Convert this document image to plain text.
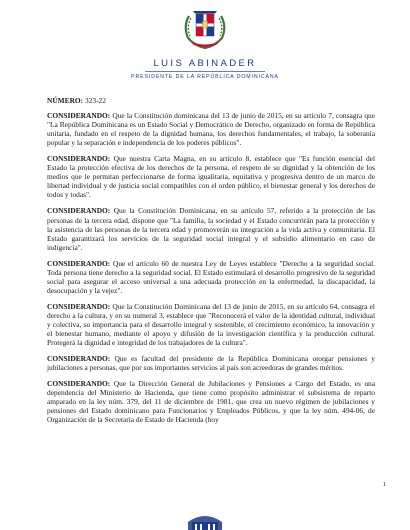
LUIS ABINADER
PRESIDENTE DE LA REPÚBLICA DOMINICANA

NÚMERO: 323-22

CONSIDERANDO: Que la Constitución dominicana del 13 de junio de 2015, en su artículo 7, consagra que "La República Dominicana es un Estado Social y Democrático de Derecho, organizado en forma de República unitaria, fundado en el respeto de la dignidad humana, los derechos fundamentales, el trabajo, la soberanía popular y la separación e independencia de los poderes públicos".

CONSIDERANDO: Que nuestra Carta Magna, en su artículo 8, establece que "Es función esencial del Estado la protección efectiva de los derechos de la persona, el respeto de su dignidad y la obtención de los medios que le permitan perfeccionarse de forma igualitaria, equitativa y progresiva dentro de un marco de libertad individual y de justicia social compatibles con el orden público, el bienestar general y los derechos de todos y todas".

CONSIDERANDO: Que la Constitución Dominicana, en su artículo 57, referido a la protección de las personas de la tercera edad, dispone que "La familia, la sociedad y el Estado concurrirán para la protección y la asistencia de las personas de la tercera edad y promoverán su integración a la vida activa y comunitaria. El Estado garantizará los servicios de la seguridad social integral y el subsidio alimentario en caso de indigencia".

CONSIDERANDO: Que el artículo 60 de nuestra Ley de Leyes establece "Derecho a la seguridad social. Toda persona tiene derecho a la seguridad social. El Estado estimulará el desarrollo progresivo de la seguridad social para asegurar el acceso universal a una adecuada protección en la enfermedad, la discapacidad, la desocupación y la vejez".

CONSIDERANDO: Que la Constitución Dominicana del 13 de junio de 2015, en su artículo 64, consagra el derecho a la cultura, y en su numeral 3, establece que "Reconocerá el valor de la identidad cultural, individual y colectiva, su importancia para el desarrollo integral y sostenible, el crecimiento económico, la innovación y el bienestar humano, mediante el apoyo y difusión de la investigación científica y la producción cultural. Protegerá la dignidad e integridad de los trabajadores de la cultura".

CONSIDERANDO: Que es facultad del presidente de la República Dominicana otorgar pensiones y jubilaciones a personas, que por sus importantes servicios al país son acreedoras de grandes méritos.

CONSIDERANDO: Que la Dirección General de Jubilaciones y Pensiones a Cargo del Estado, es una dependencia del Ministerio de Hacienda, que tiene como propósito administrar el subsistema de reparto amparado en la ley núm. 379, del 11 de diciembre de 1981, que crea un nuevo régimen de jubilaciones y pensiones del Estado dominicano para Funcionarios y Empleados Públicos, y que la ley núm. 494-06, de Organización de la Secretaría de Estado de Hacienda (hoy

1
